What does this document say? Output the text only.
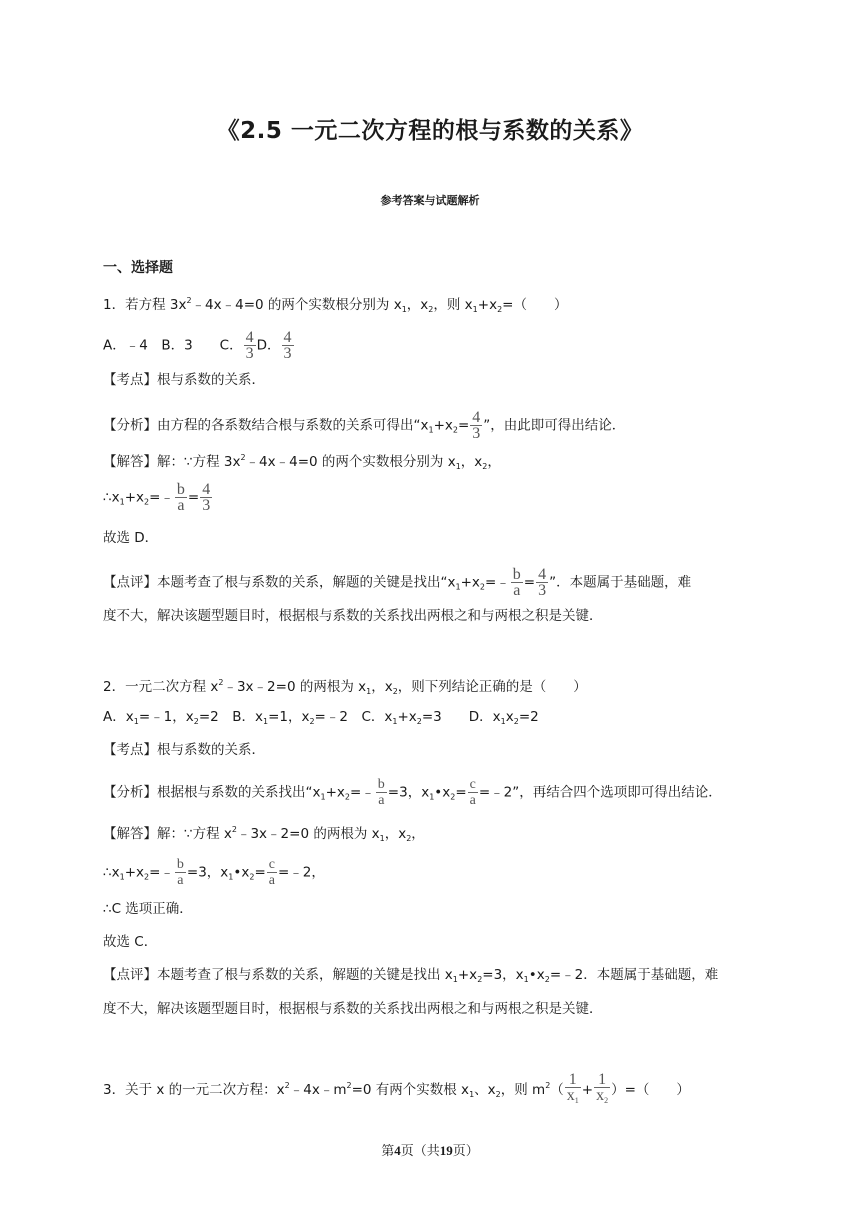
《2.5 一元二次方程的根与系数的关系》
参考答案与试题解析
一、选择题
1．若方程 $3x^2﹣4x﹣4=0$ 的两个实数根分别为 $x_1$，$x_2$，则 $x_1+x_2=$（　　）
A．﹣4　B．3　　C． $\frac{4}{3}$ D． $\frac{4}{3}$
【考点】根与系数的关系．
【分析】由方程的各系数结合根与系数的关系可得出“$x_1+x_2= \frac{4}{3}$ ”，由此即可得出结论．
【解答】解：∵方程 $3x^2﹣4x﹣4=0$ 的两个实数根分别为 $x_1$，$x_2$，
$\therefore x_1+x_2=﹣ \frac{b}{a} = \frac{4}{3}$
故选 D．
【点评】本题考查了根与系数的关系，解题的关键是找出“$x_1+x_2=﹣ \frac{b}{a} = \frac{4}{3}$ ”．本题属于基础题，难
度不大，解决该题型题目时，根据根与系数的关系找出两根之和与两根之积是关键．
2．一元二次方程 $x^2﹣3x﹣2=0$ 的两根为 $x_1$，$x_2$，则下列结论正确的是（　　）
A．$x_1=﹣1$，$x_2=2$　B．$x_1=1$，$x_2=﹣2$　C．$x_1+x_2=3$　　D．$x_1x_2=2$
【考点】根与系数的关系．
【分析】根据根与系数的关系找出“$x_1+x_2=﹣ \frac{b}{a} =3$，$x_1•x_2= \frac{c}{a}$ =﹣2”，再结合四个选项即可得出结论．
【解答】解：∵方程 $x^2﹣3x﹣2=0$ 的两根为 $x_1$，$x_2$，
$\therefore x_1+x_2=﹣ \frac{b}{a} =3$，$x_1•x_2= \frac{c}{a}$ =﹣2，
∴C 选项正确．
故选 C．
【点评】本题考查了根与系数的关系，解题的关键是找出 $x_1+x_2=3$，$x_1•x_2=﹣2$．本题属于基础题，难
度不大，解决该题型题目时，根据根与系数的关系找出两根之和与两根之积是关键．
3．关于 x 的一元二次方程：$x^2﹣4x﹣m^2=0$ 有两个实数根 $x_1$、$x_2$，则 $m^2( \frac{1}{x_1} + \frac{1}{x_2}$ ）=（　　）
第4页（共19页）
